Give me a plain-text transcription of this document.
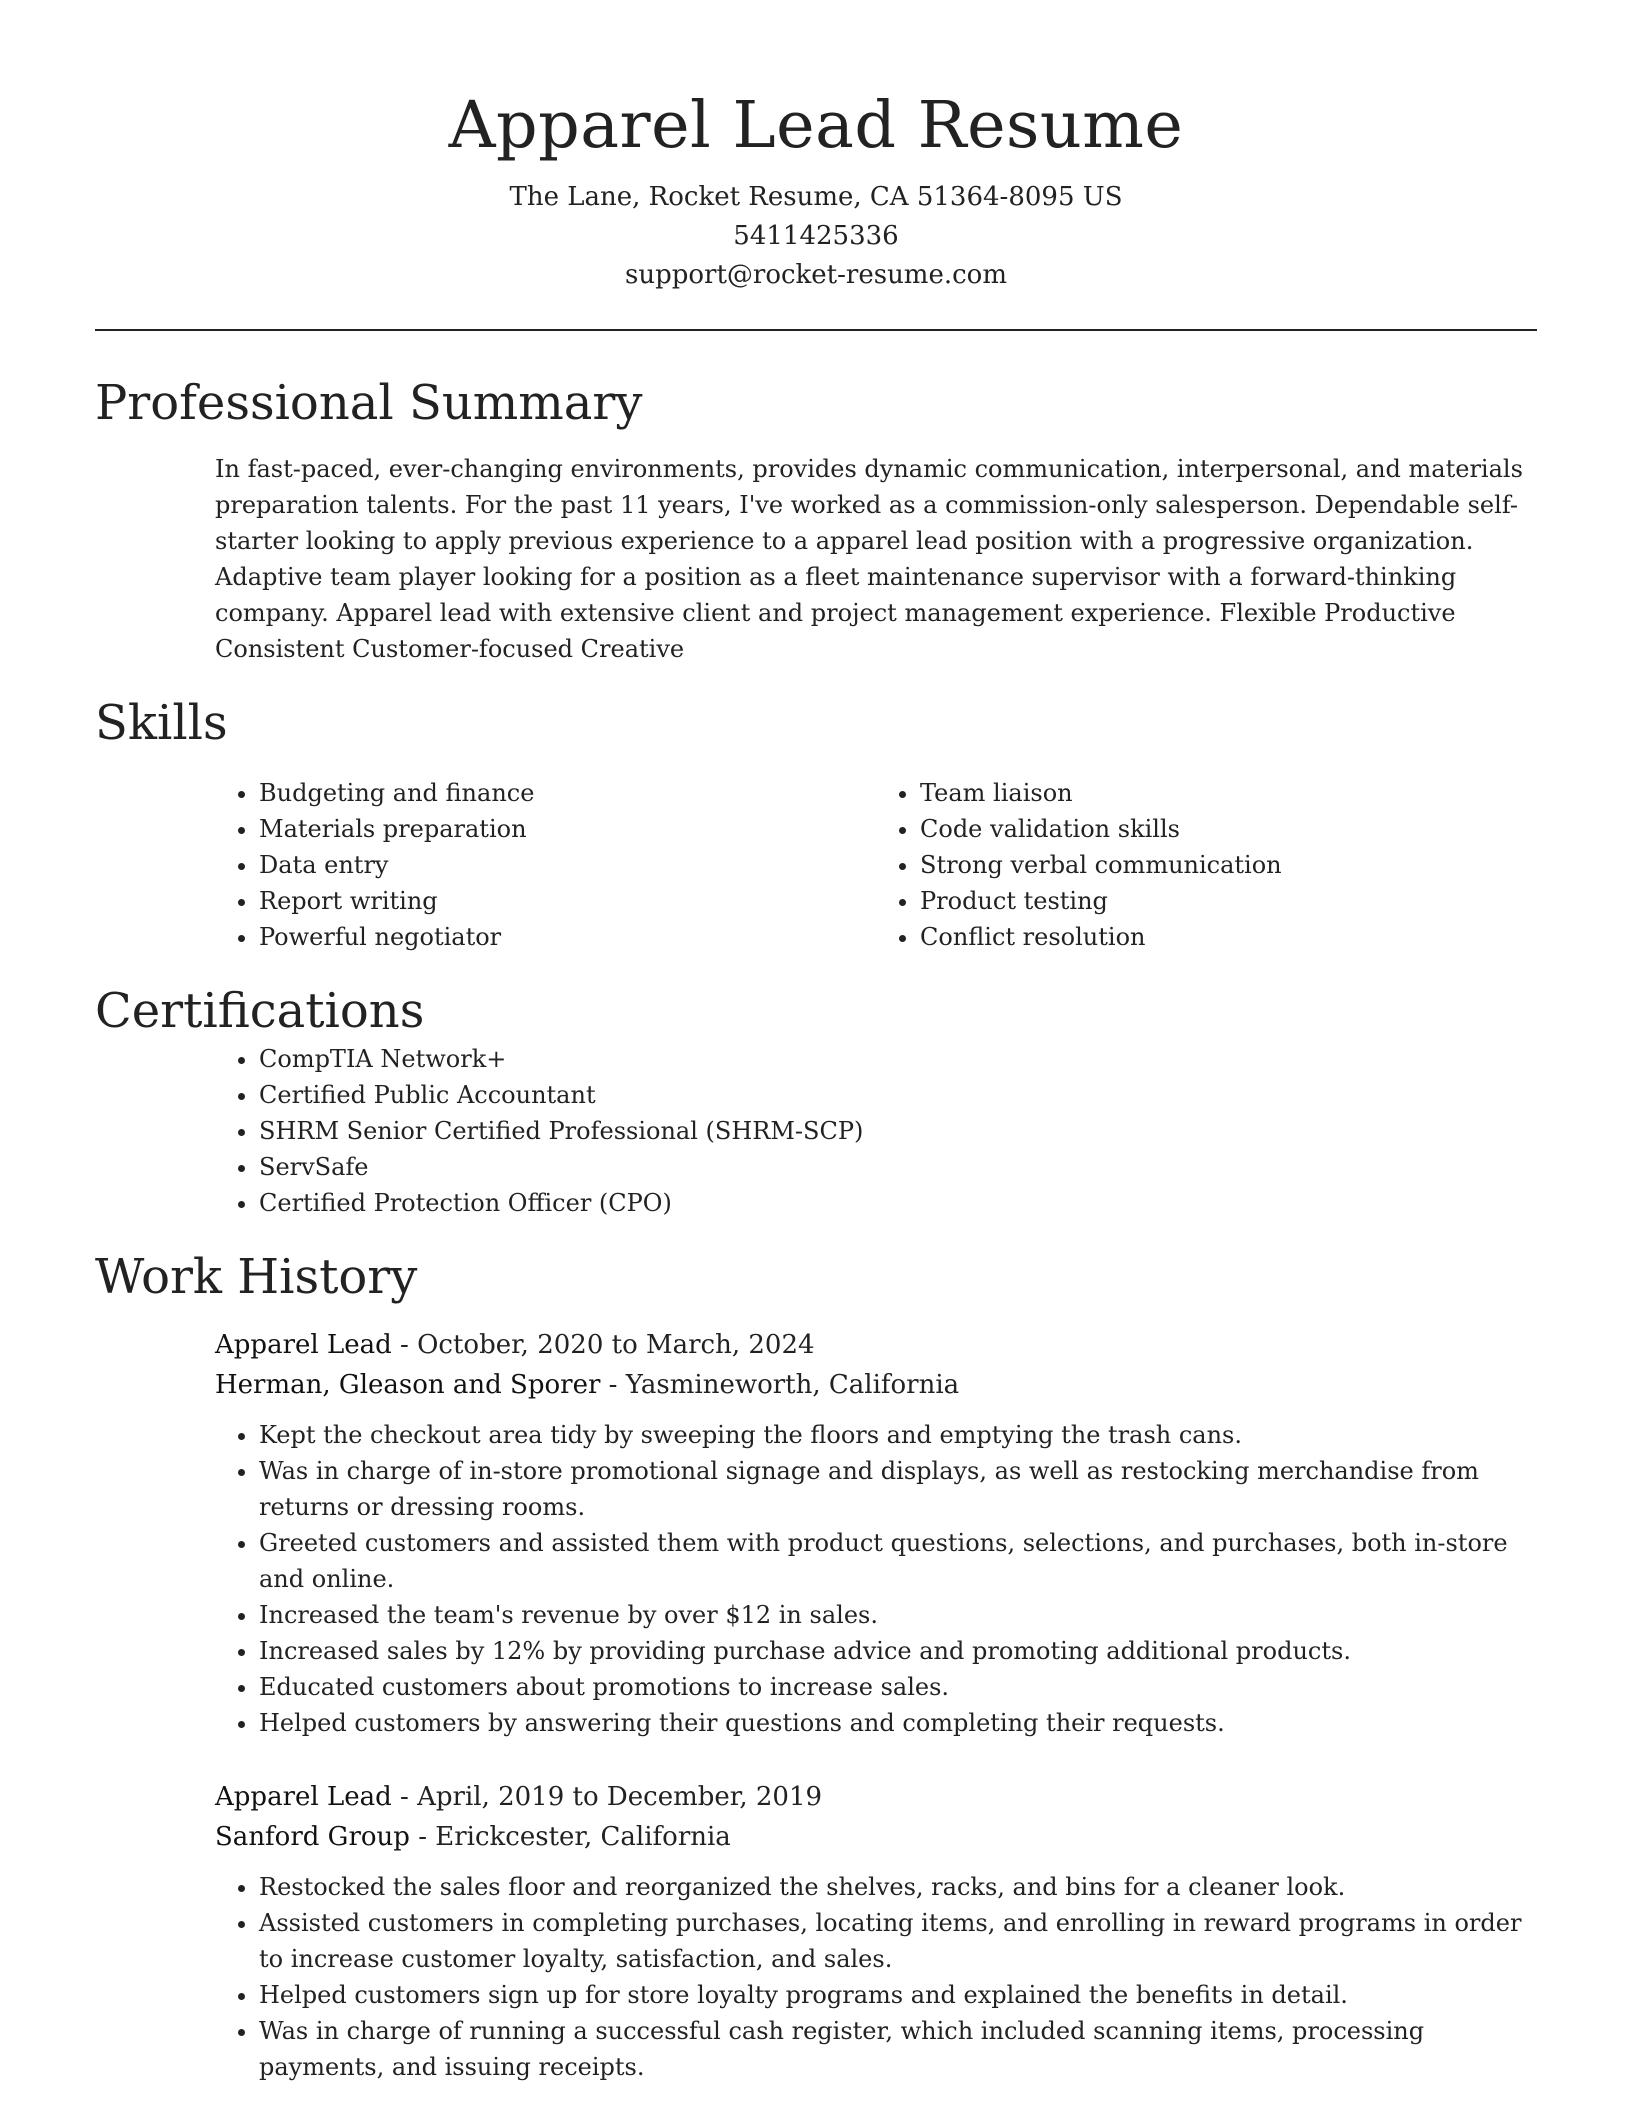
Apparel Lead Resume
The Lane, Rocket Resume, CA 51364-8095 US
5411425336
support@rocket-resume.com
Professional Summary

In fast-paced, ever-changing environments, provides dynamic communication, interpersonal, and materials preparation talents. For the past 11 years, I've worked as a commission-only salesperson. Dependable self-starter looking to apply previous experience to a apparel lead position with a progressive organization. Adaptive team player looking for a position as a fleet maintenance supervisor with a forward-thinking company. Apparel lead with extensive client and project management experience. Flexible Productive Consistent Customer-focused Creative

Skills
• Budgeting and finance
• Materials preparation
• Data entry
• Report writing
• Powerful negotiator
• Team liaison
• Code validation skills
• Strong verbal communication
• Product testing
• Conflict resolution
Certifications
• CompTIA Network+
• Certified Public Accountant
• SHRM Senior Certified Professional (SHRM-SCP)
• ServSafe
• Certified Protection Officer (CPO)
Work History
Apparel Lead - October, 2020 to March, 2024
Herman, Gleason and Sporer - Yasmineworth, California
• Kept the checkout area tidy by sweeping the floors and emptying the trash cans.
• Was in charge of in-store promotional signage and displays, as well as restocking merchandise from returns or dressing rooms.
• Greeted customers and assisted them with product questions, selections, and purchases, both in-store and online.
• Increased the team's revenue by over $12 in sales.
• Increased sales by 12% by providing purchase advice and promoting additional products.
• Educated customers about promotions to increase sales.
• Helped customers by answering their questions and completing their requests.
Apparel Lead - April, 2019 to December, 2019
Sanford Group - Erickcester, California
• Restocked the sales floor and reorganized the shelves, racks, and bins for a cleaner look.
• Assisted customers in completing purchases, locating items, and enrolling in reward programs in order to increase customer loyalty, satisfaction, and sales.
• Helped customers sign up for store loyalty programs and explained the benefits in detail.
• Was in charge of running a successful cash register, which included scanning items, processing payments, and issuing receipts.
